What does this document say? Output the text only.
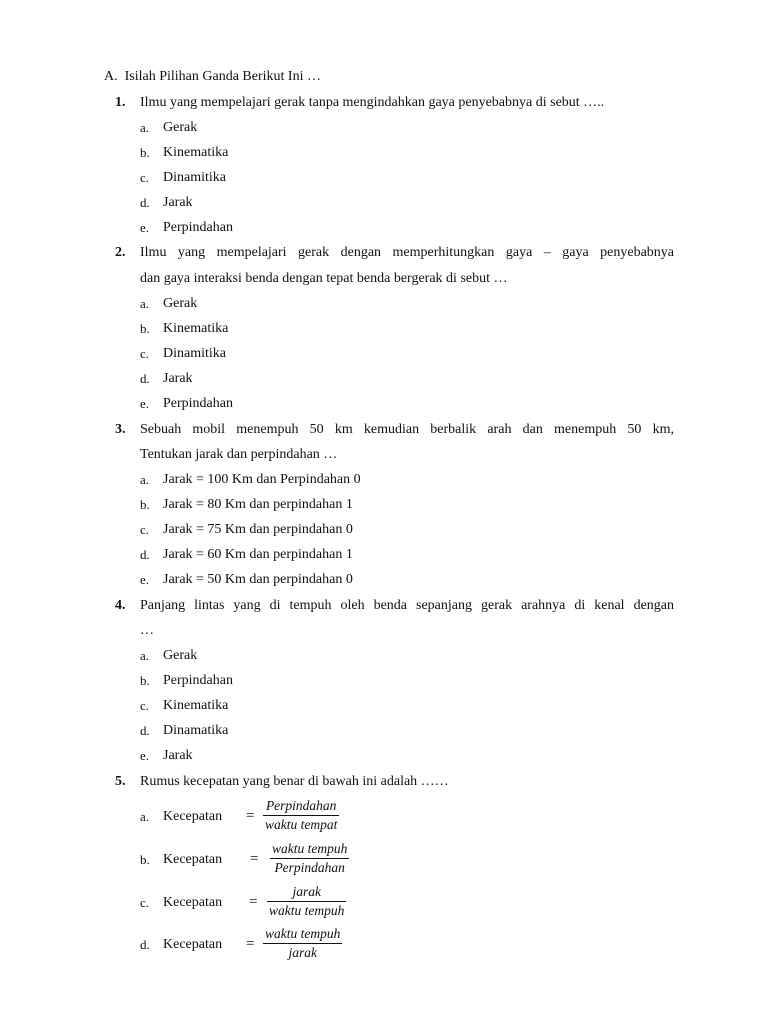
A. Isilah Pilihan Ganda Berikut Ini …
1. Ilmu yang mempelajari gerak tanpa mengindahkan gaya penyebabnya di sebut …..
a. Gerak
b. Kinematika
c. Dinamitika
d. Jarak
e. Perpindahan
2. Ilmu yang mempelajari gerak dengan memperhitungkan gaya – gaya penyebabnya
dan gaya interaksi benda dengan tepat benda bergerak di sebut …
a. Gerak
b. Kinematika
c. Dinamitika
d. Jarak
e. Perpindahan
3. Sebuah mobil menempuh 50 km kemudian berbalik arah dan menempuh 50 km,
Tentukan jarak dan perpindahan …
a. Jarak = 100 Km dan Perpindahan 0
b. Jarak = 80 Km dan perpindahan 1
c. Jarak = 75 Km dan perpindahan 0
d. Jarak = 60 Km dan perpindahan 1
e. Jarak = 50 Km dan perpindahan 0
4. Panjang lintas yang di tempuh oleh benda sepanjang gerak arahnya di kenal dengan
…
a. Gerak
b. Perpindahan
c. Kinematika
d. Dinamatika
e. Jarak
5. Rumus kecepatan yang benar di bawah ini adalah ……
a. Kecepatan =
Perpindahan
waktu tempat
b. Kecepatan =
waktu tempuh
Perpindahan
c. Kecepatan =
jarak
waktu tempuh
d. Kecepatan =
waktu tempuh
jarak
